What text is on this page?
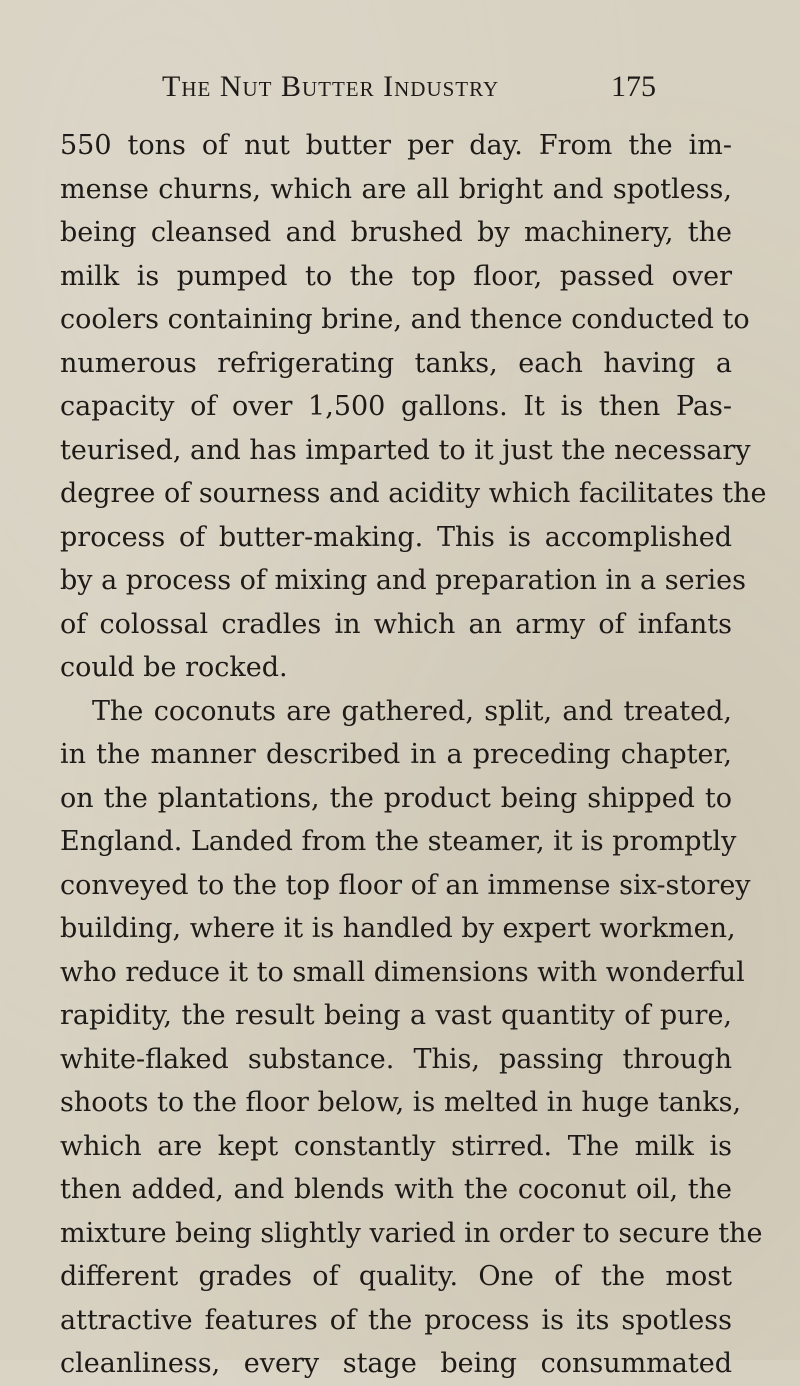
The Nut Butter Industry	175
550 tons of nut butter per day. From the im-
mense churns, which are all bright and spotless,
being cleansed and brushed by machinery, the
milk is pumped to the top floor, passed over
coolers containing brine, and thence conducted to
numerous refrigerating tanks, each having a
capacity of over 1,500 gallons. It is then Pas-
teurised, and has imparted to it just the necessary
degree of sourness and acidity which facilitates the
process of butter-making. This is accomplished
by a process of mixing and preparation in a series
of colossal cradles in which an army of infants
could be rocked.
The coconuts are gathered, split, and treated,
in the manner described in a preceding chapter,
on the plantations, the product being shipped to
England. Landed from the steamer, it is promptly
conveyed to the top floor of an immense six-storey
building, where it is handled by expert workmen,
who reduce it to small dimensions with wonderful
rapidity, the result being a vast quantity of pure,
white-flaked substance. This, passing through
shoots to the floor below, is melted in huge tanks,
which are kept constantly stirred. The milk is
then added, and blends with the coconut oil, the
mixture being slightly varied in order to secure the
different grades of quality. One of the most
attractive features of the process is its spotless
cleanliness, every stage being consummated
